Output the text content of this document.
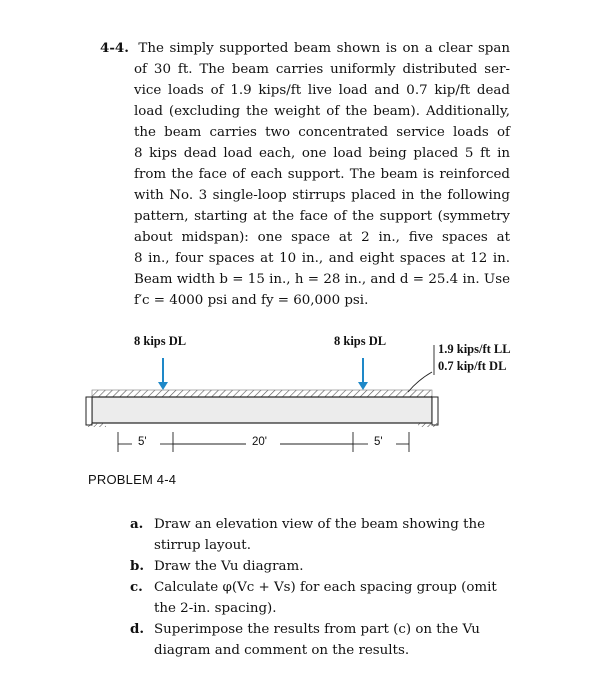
4-4. The simply supported beam shown is on a clear span
of 30 ft. The beam carries uniformly distributed ser-
vice loads of 1.9 kips/ft live load and 0.7 kip/ft dead
load (excluding the weight of the beam). Additionally,
the beam carries two concentrated service loads of
8 kips dead load each, one load being placed 5 ft in
from the face of each support. The beam is reinforced
with No. 3 single-loop stirrups placed in the following
pattern, starting at the face of the support (symmetry
about midspan): one space at 2 in., five spaces at
8 in., four spaces at 10 in., and eight spaces at 12 in.
Beam width b = 15 in., h = 28 in., and d = 25.4 in. Use
f′c = 4000 psi and fy = 60,000 psi.
8 kips DL	8 kips DL
1.9 kips/ft LL
0.7 kip/ft DL
5'	20'	5'
PROBLEM 4-4
a. Draw an elevation view of the beam showing the stirrup layout.
b. Draw the Vu diagram.
c. Calculate φ(Vc + Vs) for each spacing group (omit the 2-in. spacing).
d. Superimpose the results from part (c) on the Vu diagram and comment on the results.
